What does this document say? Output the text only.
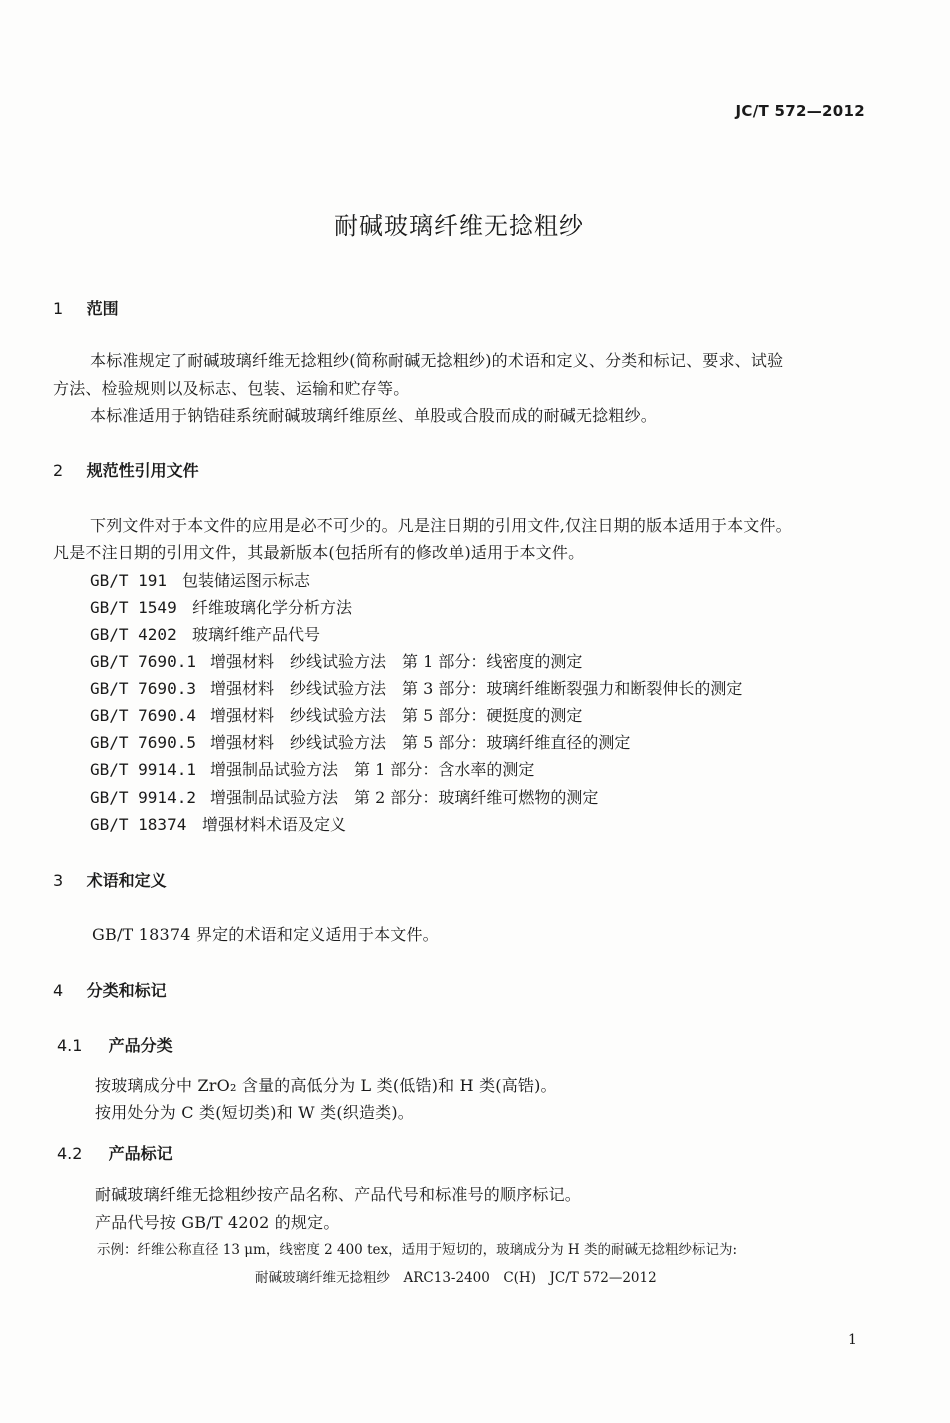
JC/T 572—2012
耐碱玻璃纤维无捻粗纱
1 范围
本标准规定了耐碱玻璃纤维无捻粗纱(简称耐碱无捻粗纱)的术语和定义、分类和标记、要求、试验
方法、检验规则以及标志、包装、运输和贮存等。
本标准适用于钠锆硅系统耐碱玻璃纤维原丝、单股或合股而成的耐碱无捻粗纱。
2 规范性引用文件
下列文件对于本文件的应用是必不可少的。凡是注日期的引用文件,仅注日期的版本适用于本文件。
凡是不注日期的引用文件，其最新版本(包括所有的修改单)适用于本文件。
GB/T 191 包装储运图示标志
GB/T 1549 纤维玻璃化学分析方法
GB/T 4202 玻璃纤维产品代号
GB/T 7690.1 增强材料　纱线试验方法　第 1 部分：线密度的测定
GB/T 7690.3 增强材料　纱线试验方法　第 3 部分：玻璃纤维断裂强力和断裂伸长的测定
GB/T 7690.4 增强材料　纱线试验方法　第 5 部分：硬挺度的测定
GB/T 7690.5 增强材料　纱线试验方法　第 5 部分：玻璃纤维直径的测定
GB/T 9914.1 增强制品试验方法　第 1 部分：含水率的测定
GB/T 9914.2 增强制品试验方法　第 2 部分：玻璃纤维可燃物的测定
GB/T 18374 增强材料术语及定义
3 术语和定义
GB/T 18374 界定的术语和定义适用于本文件。
4 分类和标记
4.1 产品分类
按玻璃成分中 ZrO₂ 含量的高低分为 L 类(低锆)和 H 类(高锆)。
按用处分为 C 类(短切类)和 W 类(织造类)。
4.2 产品标记
耐碱玻璃纤维无捻粗纱按产品名称、产品代号和标准号的顺序标记。
产品代号按 GB/T 4202 的规定。
示例：纤维公称直径 13 μm，线密度 2 400 tex，适用于短切的，玻璃成分为 H 类的耐碱无捻粗纱标记为:
耐碱玻璃纤维无捻粗纱　ARC13-2400　C(H)　JC/T 572—2012
1
